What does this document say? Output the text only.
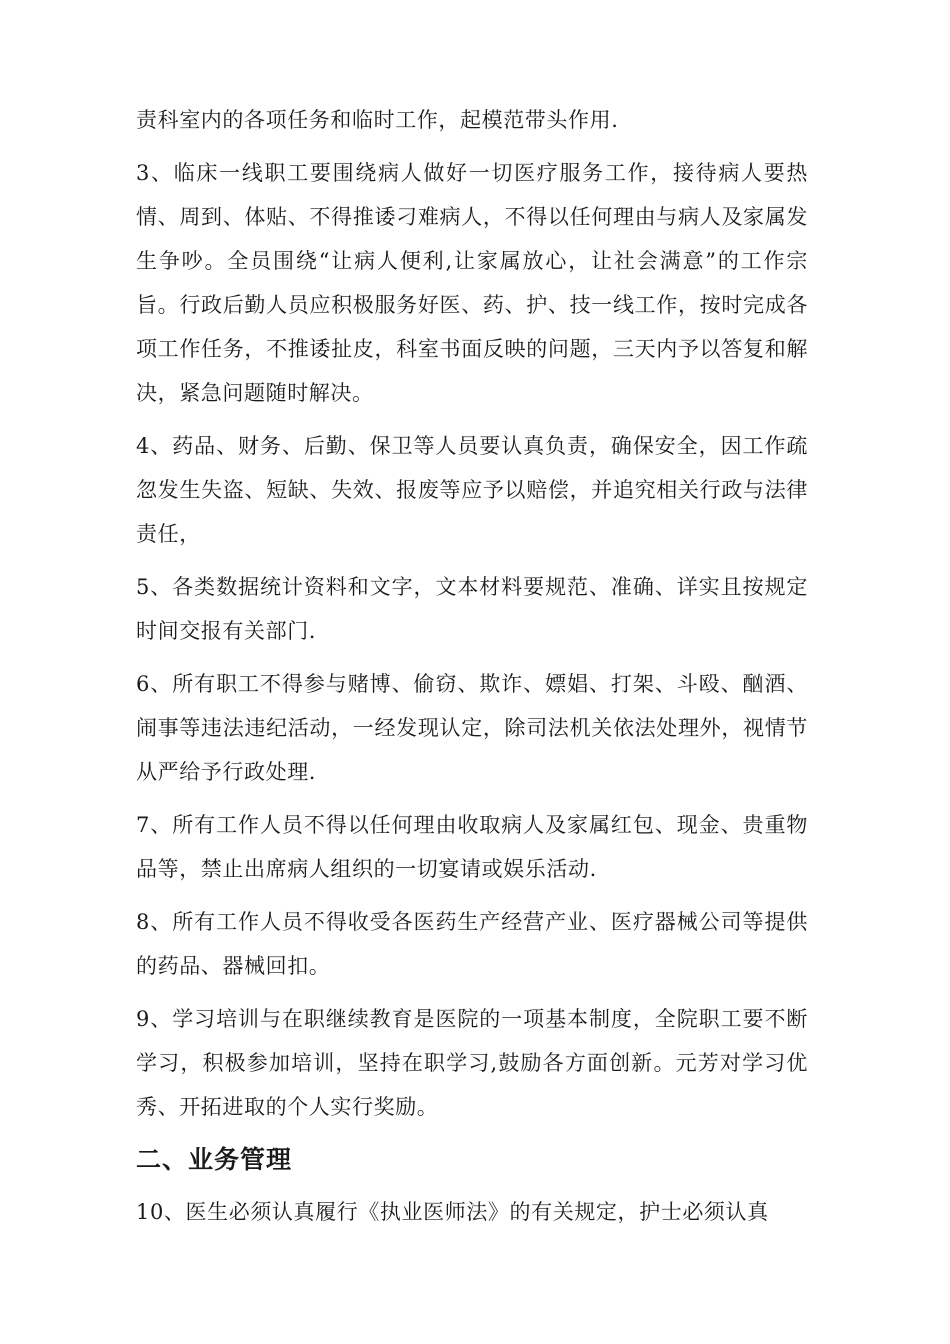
责科室内的各项任务和临时工作，起模范带头作用.

3、临床一线职工要围绕病人做好一切医疗服务工作，接待病人要热情、周到、体贴、不得推诿刁难病人，不得以任何理由与病人及家属发生争吵。全员围绕“让病人便利,让家属放心，让社会满意”的工作宗旨。行政后勤人员应积极服务好医、药、护、技一线工作，按时完成各项工作任务，不推诿扯皮，科室书面反映的问题，三天内予以答复和解决，紧急问题随时解决。

4、药品、财务、后勤、保卫等人员要认真负责，确保安全，因工作疏忽发生失盗、短缺、失效、报废等应予以赔偿，并追究相关行政与法律责任，

5、各类数据统计资料和文字，文本材料要规范、准确、详实且按规定时间交报有关部门.

6、所有职工不得参与赌博、偷窃、欺诈、嫖娼、打架、斗殴、酗酒、闹事等违法违纪活动，一经发现认定，除司法机关依法处理外，视情节从严给予行政处理.

7、所有工作人员不得以任何理由收取病人及家属红包、现金、贵重物品等，禁止出席病人组织的一切宴请或娱乐活动.

8、所有工作人员不得收受各医药生产经营产业、医疗器械公司等提供的药品、器械回扣。

9、学习培训与在职继续教育是医院的一项基本制度，全院职工要不断学习，积极参加培训，坚持在职学习,鼓励各方面创新。元芳对学习优秀、开拓进取的个人实行奖励。

二、业务管理

10、医生必须认真履行《执业医师法》的有关规定，护士必须认真
